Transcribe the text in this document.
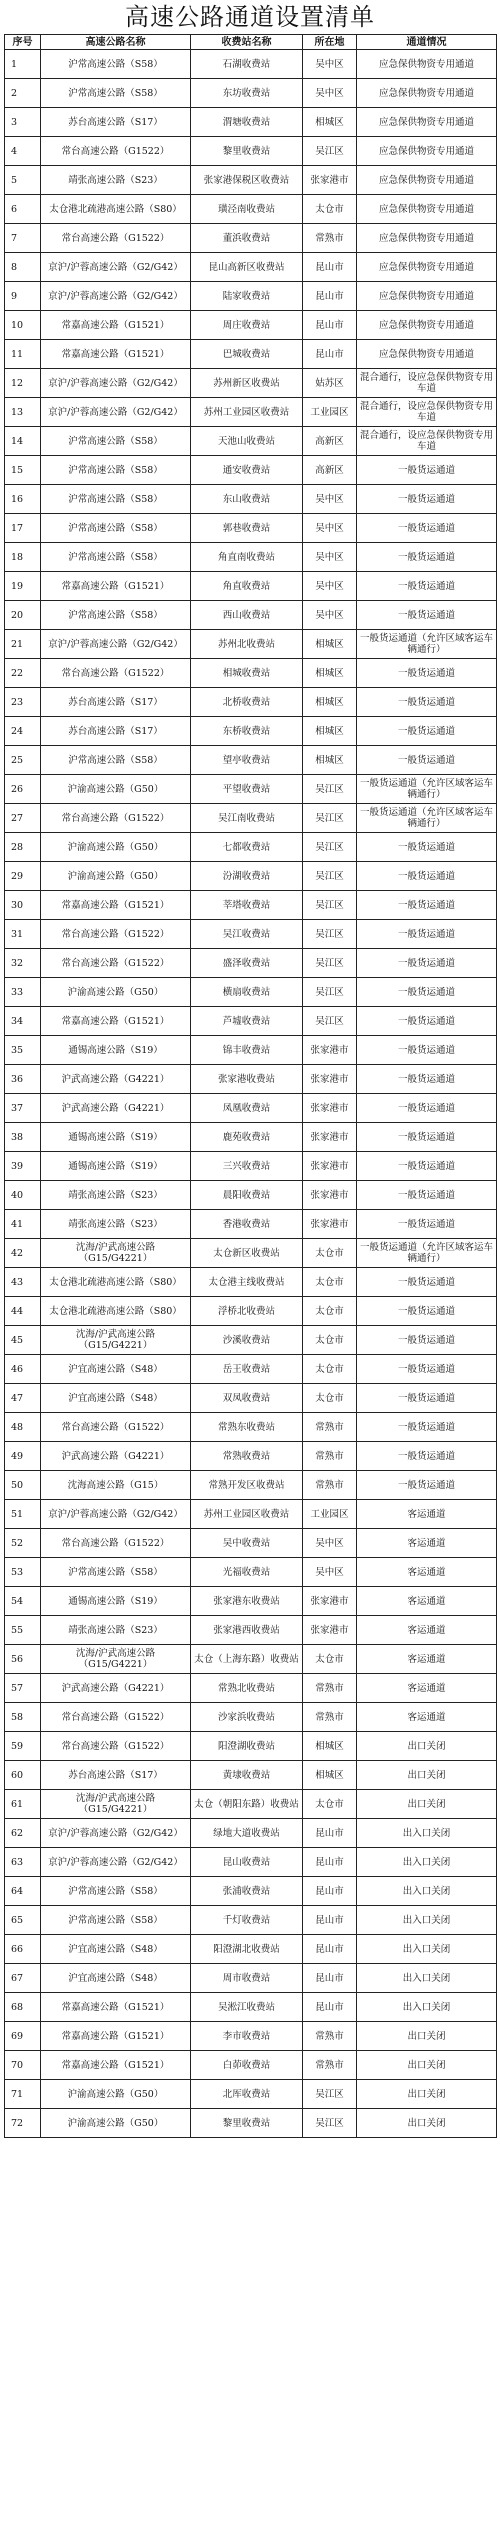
高速公路通道设置清单
序号	高速公路名称	收费站名称	所在地	通道情况
1	沪常高速公路（S58）	石湖收费站	吴中区	应急保供物资专用通道
2	沪常高速公路（S58）	东坊收费站	吴中区	应急保供物资专用通道
3	苏台高速公路（S17）	渭塘收费站	相城区	应急保供物资专用通道
4	常台高速公路（G1522）	黎里收费站	吴江区	应急保供物资专用通道
5	靖张高速公路（S23）	张家港保税区收费站	张家港市	应急保供物资专用通道
6	太仓港北疏港高速公路（S80）	璜泾南收费站	太仓市	应急保供物资专用通道
7	常台高速公路（G1522）	董浜收费站	常熟市	应急保供物资专用通道
8	京沪/沪蓉高速公路（G2/G42）	昆山高新区收费站	昆山市	应急保供物资专用通道
9	京沪/沪蓉高速公路（G2/G42）	陆家收费站	昆山市	应急保供物资专用通道
10	常嘉高速公路（G1521）	周庄收费站	昆山市	应急保供物资专用通道
11	常嘉高速公路（G1521）	巴城收费站	昆山市	应急保供物资专用通道
12	京沪/沪蓉高速公路（G2/G42）	苏州新区收费站	姑苏区	混合通行，设应急保供物资专用车道
13	京沪/沪蓉高速公路（G2/G42）	苏州工业园区收费站	工业园区	混合通行，设应急保供物资专用车道
14	沪常高速公路（S58）	天池山收费站	高新区	混合通行，设应急保供物资专用车道
15	沪常高速公路（S58）	通安收费站	高新区	一般货运通道
16	沪常高速公路（S58）	东山收费站	吴中区	一般货运通道
17	沪常高速公路（S58）	郭巷收费站	吴中区	一般货运通道
18	沪常高速公路（S58）	角直南收费站	吴中区	一般货运通道
19	常嘉高速公路（G1521）	角直收费站	吴中区	一般货运通道
20	沪常高速公路（S58）	西山收费站	吴中区	一般货运通道
21	京沪/沪蓉高速公路（G2/G42）	苏州北收费站	相城区	一般货运通道（允许区域客运车辆通行）
22	常台高速公路（G1522）	相城收费站	相城区	一般货运通道
23	苏台高速公路（S17）	北桥收费站	相城区	一般货运通道
24	苏台高速公路（S17）	东桥收费站	相城区	一般货运通道
25	沪常高速公路（S58）	望亭收费站	相城区	一般货运通道
26	沪渝高速公路（G50）	平望收费站	吴江区	一般货运通道（允许区域客运车辆通行）
27	常台高速公路（G1522）	吴江南收费站	吴江区	一般货运通道（允许区域客运车辆通行）
28	沪渝高速公路（G50）	七都收费站	吴江区	一般货运通道
29	沪渝高速公路（G50）	汾湖收费站	吴江区	一般货运通道
30	常嘉高速公路（G1521）	莘塔收费站	吴江区	一般货运通道
31	常台高速公路（G1522）	吴江收费站	吴江区	一般货运通道
32	常台高速公路（G1522）	盛泽收费站	吴江区	一般货运通道
33	沪渝高速公路（G50）	横扇收费站	吴江区	一般货运通道
34	常嘉高速公路（G1521）	芦墟收费站	吴江区	一般货运通道
35	通锡高速公路（S19）	锦丰收费站	张家港市	一般货运通道
36	沪武高速公路（G4221）	张家港收费站	张家港市	一般货运通道
37	沪武高速公路（G4221）	凤凰收费站	张家港市	一般货运通道
38	通锡高速公路（S19）	鹿苑收费站	张家港市	一般货运通道
39	通锡高速公路（S19）	三兴收费站	张家港市	一般货运通道
40	靖张高速公路（S23）	晨阳收费站	张家港市	一般货运通道
41	靖张高速公路（S23）	香港收费站	张家港市	一般货运通道
42	沈海/沪武高速公路（G15/G4221）	太仓新区收费站	太仓市	一般货运通道（允许区域客运车辆通行）
43	太仓港北疏港高速公路（S80）	太仓港主线收费站	太仓市	一般货运通道
44	太仓港北疏港高速公路（S80）	浮桥北收费站	太仓市	一般货运通道
45	沈海/沪武高速公路（G15/G4221）	沙溪收费站	太仓市	一般货运通道
46	沪宜高速公路（S48）	岳王收费站	太仓市	一般货运通道
47	沪宜高速公路（S48）	双凤收费站	太仓市	一般货运通道
48	常台高速公路（G1522）	常熟东收费站	常熟市	一般货运通道
49	沪武高速公路（G4221）	常熟收费站	常熟市	一般货运通道
50	沈海高速公路（G15）	常熟开发区收费站	常熟市	一般货运通道
51	京沪/沪蓉高速公路（G2/G42）	苏州工业园区收费站	工业园区	客运通道
52	常台高速公路（G1522）	吴中收费站	吴中区	客运通道
53	沪常高速公路（S58）	光福收费站	吴中区	客运通道
54	通锡高速公路（S19）	张家港东收费站	张家港市	客运通道
55	靖张高速公路（S23）	张家港西收费站	张家港市	客运通道
56	沈海/沪武高速公路（G15/G4221）	太仓（上海东路）收费站	太仓市	客运通道
57	沪武高速公路（G4221）	常熟北收费站	常熟市	客运通道
58	常台高速公路（G1522）	沙家浜收费站	常熟市	客运通道
59	常台高速公路（G1522）	阳澄湖收费站	相城区	出口关闭
60	苏台高速公路（S17）	黄埭收费站	相城区	出口关闭
61	沈海/沪武高速公路（G15/G4221）	太仓（朝阳东路）收费站	太仓市	出口关闭
62	京沪/沪蓉高速公路（G2/G42）	绿地大道收费站	昆山市	出入口关闭
63	京沪/沪蓉高速公路（G2/G42）	昆山收费站	昆山市	出入口关闭
64	沪常高速公路（S58）	张浦收费站	昆山市	出入口关闭
65	沪常高速公路（S58）	千灯收费站	昆山市	出入口关闭
66	沪宜高速公路（S48）	阳澄湖北收费站	昆山市	出入口关闭
67	沪宜高速公路（S48）	周市收费站	昆山市	出入口关闭
68	常嘉高速公路（G1521）	吴淞江收费站	昆山市	出入口关闭
69	常嘉高速公路（G1521）	李市收费站	常熟市	出口关闭
70	常嘉高速公路（G1521）	白茆收费站	常熟市	出口关闭
71	沪渝高速公路（G50）	北厍收费站	吴江区	出口关闭
72	沪渝高速公路（G50）	黎里收费站	吴江区	出口关闭
